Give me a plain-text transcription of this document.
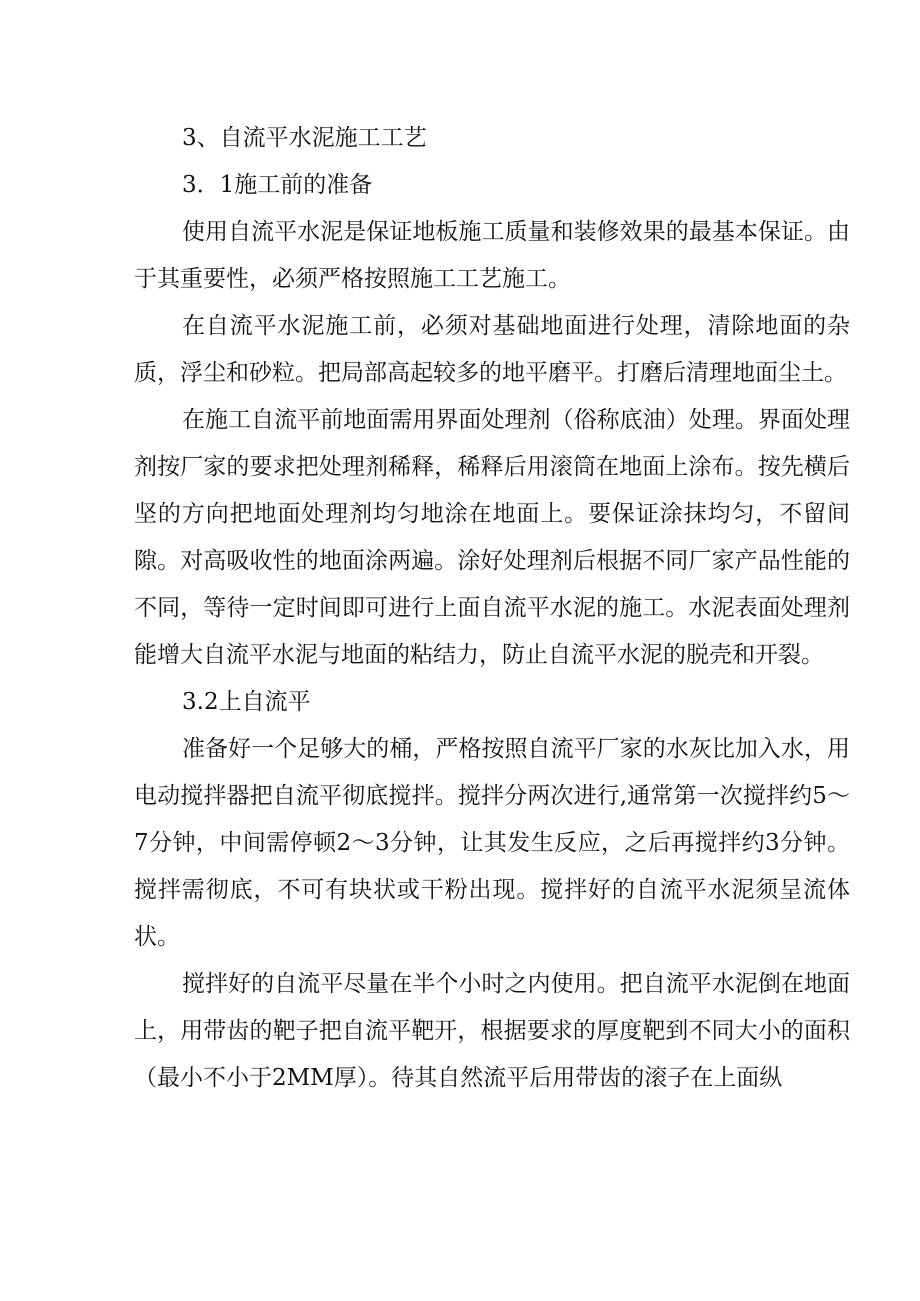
3、自流平水泥施工工艺

3．1施工前的准备

使用自流平水泥是保证地板施工质量和装修效果的最基本保证。由于其重要性，必须严格按照施工工艺施工。

在自流平水泥施工前，必须对基础地面进行处理，清除地面的杂质，浮尘和砂粒。把局部高起较多的地平磨平。打磨后清理地面尘土。

在施工自流平前地面需用界面处理剂（俗称底油）处理。界面处理剂按厂家的要求把处理剂稀释，稀释后用滚筒在地面上涂布。按先横后坚的方向把地面处理剂均匀地涂在地面上。要保证涂抹均匀，不留间隙。对高吸收性的地面涂两遍。涂好处理剂后根据不同厂家产品性能的不同，等待一定时间即可进行上面自流平水泥的施工。水泥表面处理剂能增大自流平水泥与地面的粘结力，防止自流平水泥的脱壳和开裂。

3.2上自流平

准备好一个足够大的桶，严格按照自流平厂家的水灰比加入水，用电动搅拌器把自流平彻底搅拌。搅拌分两次进行,通常第一次搅拌约5～7分钟，中间需停顿2～3分钟，让其发生反应，之后再搅拌约3分钟。搅拌需彻底，不可有块状或干粉出现。搅拌好的自流平水泥须呈流体状。

搅拌好的自流平尽量在半个小时之内使用。把自流平水泥倒在地面上，用带齿的靶子把自流平靶开，根据要求的厚度靶到不同大小的面积（最小不小于2MM厚）。待其自然流平后用带齿的滚子在上面纵
